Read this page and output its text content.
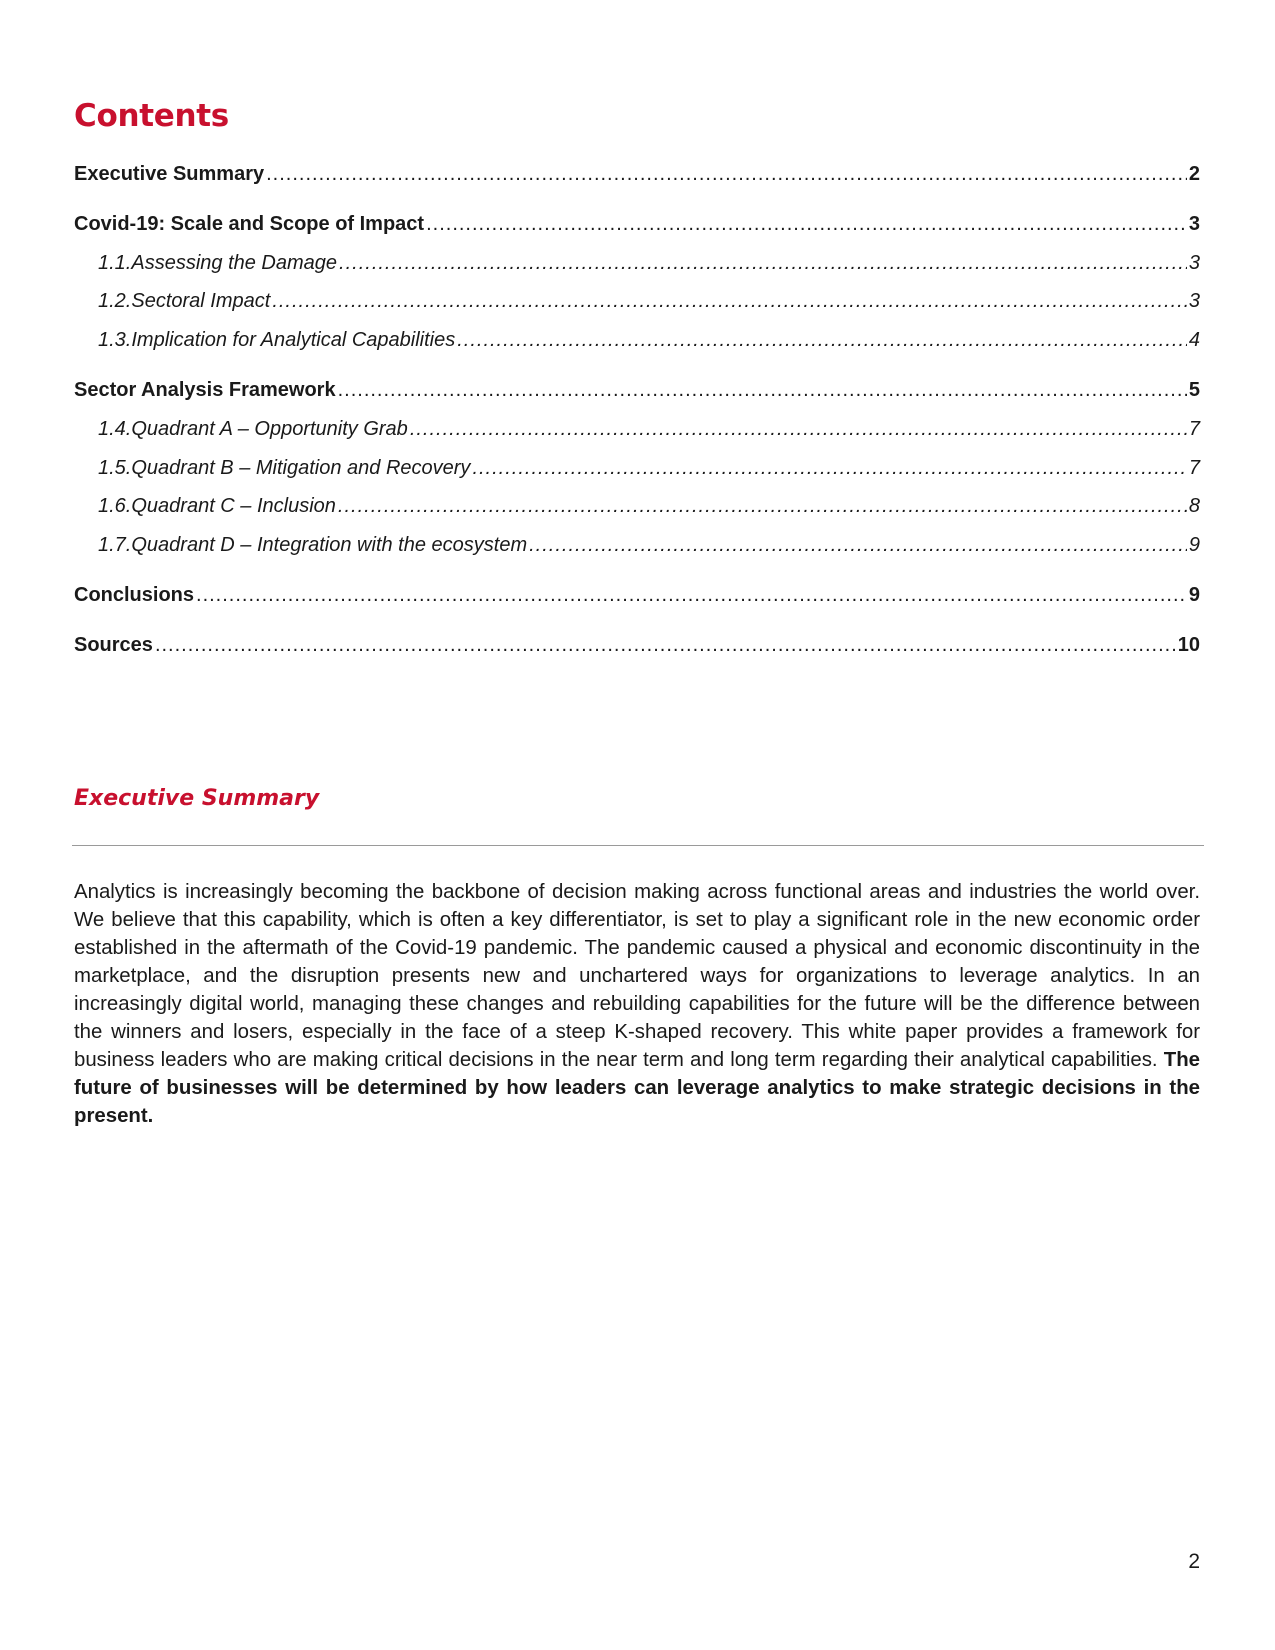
Contents
Executive Summary .....	2
Covid-19: Scale and Scope of Impact .....	3
1.1. Assessing the Damage .....	3
1.2. Sectoral Impact .....	3
1.3. Implication for Analytical Capabilities .....	4
Sector Analysis Framework .....	5
1.4. Quadrant A – Opportunity Grab .....	7
1.5. Quadrant B – Mitigation and Recovery .....	7
1.6. Quadrant C – Inclusion .....	8
1.7. Quadrant D – Integration with the ecosystem .....	9
Conclusions .....	9
Sources .....	10
Executive Summary

Analytics is increasingly becoming the backbone of decision making across functional areas and industries the world over. We believe that this capability, which is often a key differentiator, is set to play a significant role in the new economic order established in the aftermath of the Covid-19 pandemic. The pandemic caused a physical and economic discontinuity in the marketplace, and the disruption presents new and unchartered ways for organizations to leverage analytics. In an increasingly digital world, managing these changes and rebuilding capabilities for the future will be the difference between the winners and losers, especially in the face of a steep K-shaped recovery. This white paper provides a framework for business leaders who are making critical decisions in the near term and long term regarding their analytical capabilities. The future of businesses will be determined by how leaders can leverage analytics to make strategic decisions in the present.

2
